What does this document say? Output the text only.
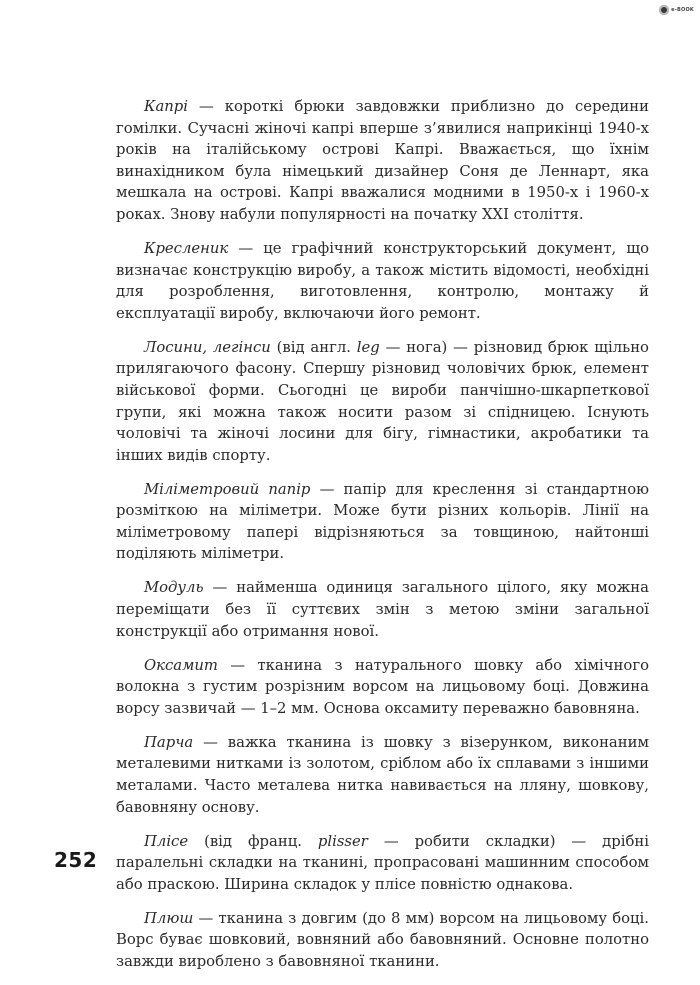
e-BOOK

Капрі — короткі брюки завдовжки приблизно до середини гомілки. Сучасні жіночі капрі вперше з’явилися наприкінці 1940-х років на італійському острові Капрі. Вважається, що їхнім винахідником була німецький дизайнер Соня де Леннарт, яка мешкала на острові. Капрі вважалися модними в 1950-х і 1960-х роках. Знову набули популярності на початку XXI століття.

Кресленик — це графічний конструкторський документ, що визначає конструкцію виробу, а також містить відомості, необхідні для розроблення, виготовлення, контролю, монтажу й експлуатації виробу, включаючи його ремонт.

Лосини, легінси (від англ. leg — нога) — різновид брюк щільно прилягаючого фасону. Спершу різновид чоловічих брюк, елемент військової форми. Сьогодні це вироби панчішно-шкарпеткової групи, які можна також носити разом зі спідницею. Існують чоловічі та жіночі лосини для бігу, гімнастики, акробатики та інших видів спорту.

Міліметровий папір — папір для креслення зі стандартною розміткою на міліметри. Може бути різних кольорів. Лінії на міліметровому папері відрізняються за товщиною, найтонші поділяють міліметри.

Модуль — найменша одиниця загального цілого, яку можна переміщати без її суттєвих змін з метою зміни загальної конструкції або отримання нової.

Оксамит — тканина з натурального шовку або хімічного волокна з густим розрізним ворсом на лицьовому боці. Довжина ворсу зазвичай — 1–2 мм. Основа оксамиту переважно бавовняна.

Парча — важка тканина із шовку з візерунком, виконаним металевими нитками із золотом, сріблом або їх сплавами з іншими металами. Часто металева нитка навивається на лляну, шовкову, бавовняну основу.

Плісе (від франц. plisser — робити складки) — дрібні паралельні складки на тканині, пропрасовані машинним способом або праскою. Ширина складок у плісе повністю однакова.

Плюш — тканина з довгим (до 8 мм) ворсом на лицьовому боці. Ворс буває шовковий, вовняний або бавовняний. Основне полотно завжди вироблено з бавовняної тканини.

252
